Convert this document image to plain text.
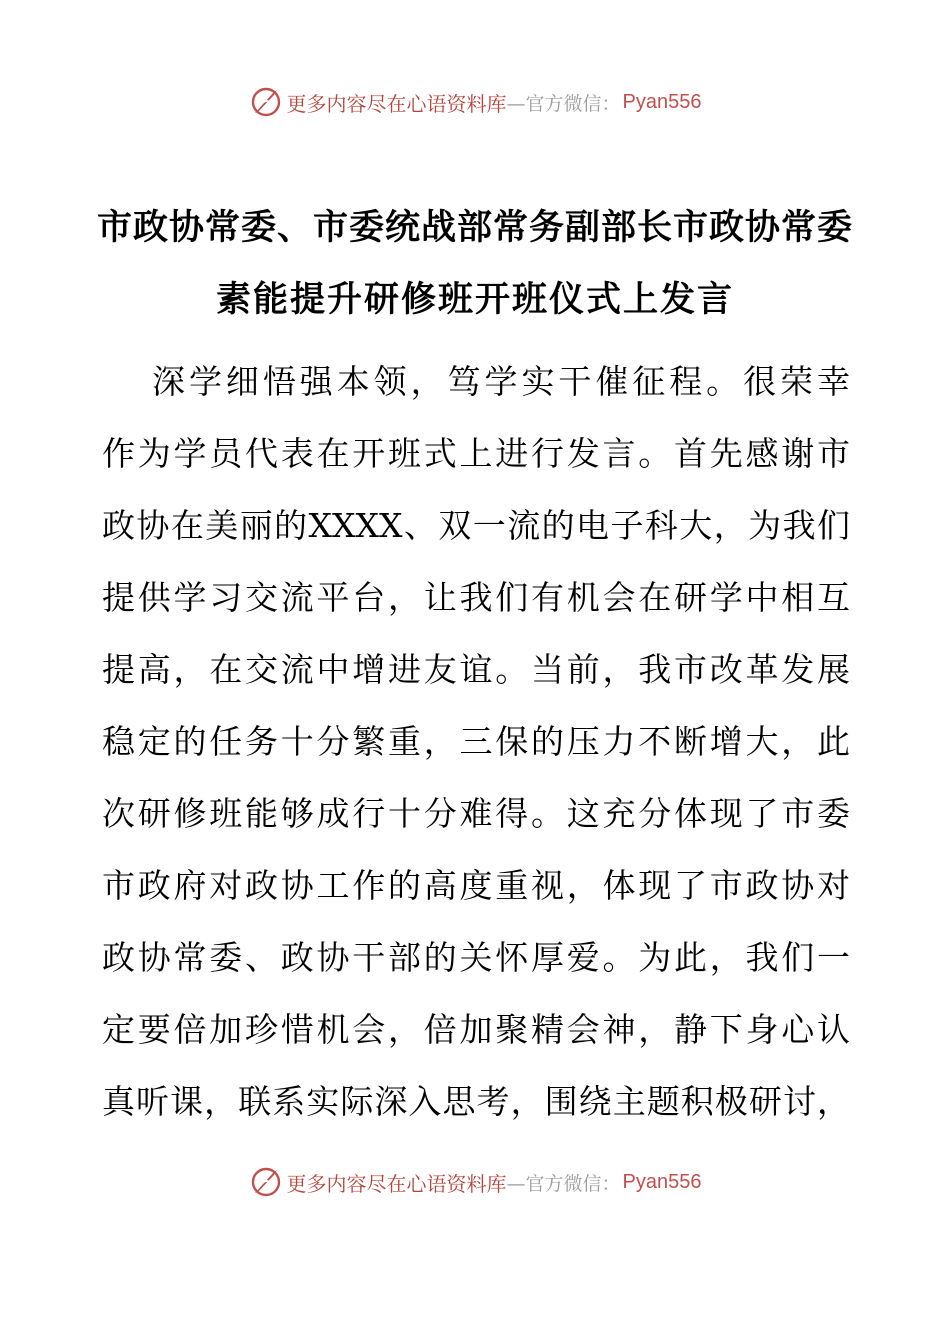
更多内容尽在心语资料库 —官方微信： Pyan556
市政协常委、市委统战部常务副部长市政协常委
素能提升研修班开班仪式上发言
深学细悟强本领，笃学实干催征程。很荣幸
作为学员代表在开班式上进行发言。首先感谢市
政协在美丽的XXXX、双一流的电子科大，为我们
提供学习交流平台，让我们有机会在研学中相互
提高，在交流中增进友谊。当前，我市改革发展
稳定的任务十分繁重，三保的压力不断增大，此
次研修班能够成行十分难得。这充分体现了市委
市政府对政协工作的高度重视，体现了市政协对
政协常委、政协干部的关怀厚爱。为此，我们一
定要倍加珍惜机会，倍加聚精会神，静下身心认
真听课，联系实际深入思考，围绕主题积极研讨，
更多内容尽在心语资料库 —官方微信： Pyan556
